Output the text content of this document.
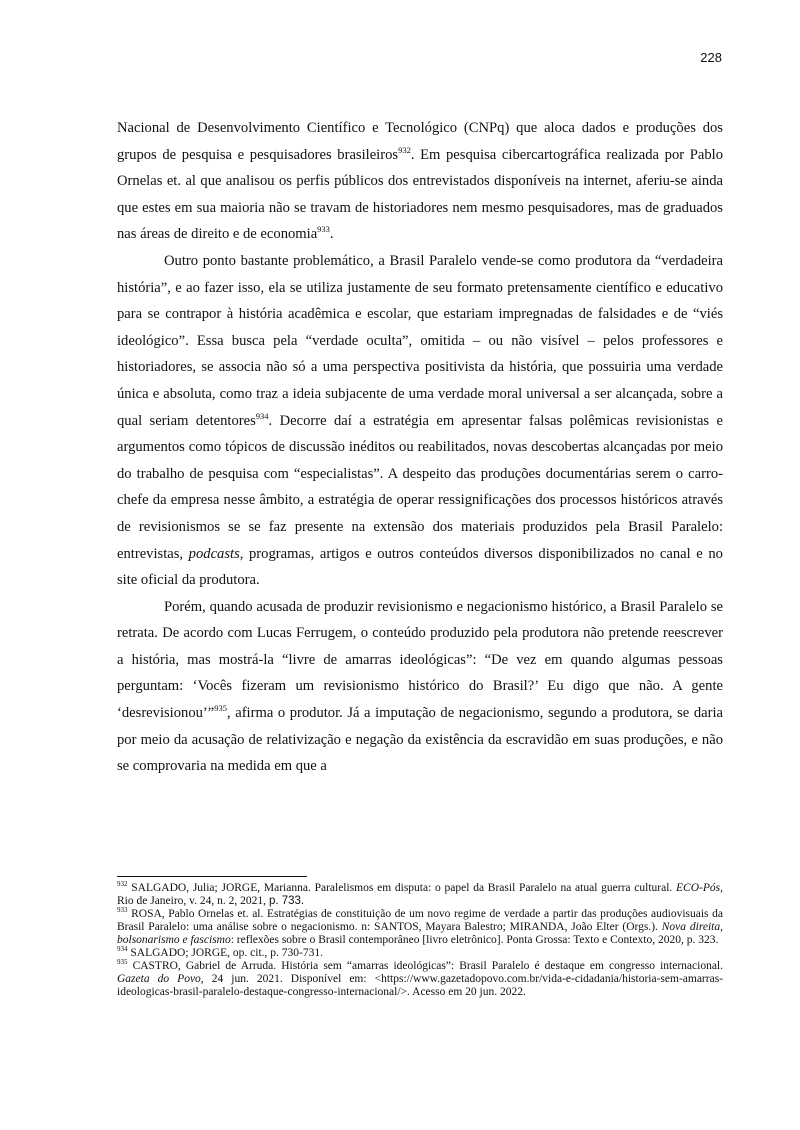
228

Nacional de Desenvolvimento Científico e Tecnológico (CNPq) que aloca dados e produções dos grupos de pesquisa e pesquisadores brasileiros$^{932}$. Em pesquisa cibercartográfica realizada por Pablo Ornelas et. al que analisou os perfis públicos dos entrevistados disponíveis na internet, aferiu-se ainda que estes em sua maioria não se travam de historiadores nem mesmo pesquisadores, mas de graduados nas áreas de direito e de economia$^{933}$.

Outro ponto bastante problemático, a Brasil Paralelo vende-se como produtora da “verdadeira história”, e ao fazer isso, ela se utiliza justamente de seu formato pretensamente científico e educativo para se contrapor à história acadêmica e escolar, que estariam impregnadas de falsidades e de “viés ideológico”. Essa busca pela “verdade oculta”, omitida – ou não visível – pelos professores e historiadores, se associa não só a uma perspectiva positivista da história, que possuiria uma verdade única e absoluta, como traz a ideia subjacente de uma verdade moral universal a ser alcançada, sobre a qual seriam detentores$^{934}$. Decorre daí a estratégia em apresentar falsas polêmicas revisionistas e argumentos como tópicos de discussão inéditos ou reabilitados, novas descobertas alcançadas por meio do trabalho de pesquisa com “especialistas”. A despeito das produções documentárias serem o carro-chefe da empresa nesse âmbito, a estratégia de operar ressignificações dos processos históricos através de revisionismos se se faz presente na extensão dos materiais produzidos pela Brasil Paralelo: entrevistas, podcasts, programas, artigos e outros conteúdos diversos disponibilizados no canal e no site oficial da produtora.

Porém, quando acusada de produzir revisionismo e negacionismo histórico, a Brasil Paralelo se retrata. De acordo com Lucas Ferrugem, o conteúdo produzido pela produtora não pretende reescrever a história, mas mostrá-la “livre de amarras ideológicas”: “De vez em quando algumas pessoas perguntam: ‘Vocês fizeram um revisionismo histórico do Brasil?’ Eu digo que não. A gente ‘desrevisionou’”$^{935}$, afirma o produtor. Já a imputação de negacionismo, segundo a produtora, se daria por meio da acusação de relativização e negação da existência da escravidão em suas produções, e não se comprovaria na medida em que a

$^{932}$ SALGADO, Julia; JORGE, Marianna. Paralelismos em disputa: o papel da Brasil Paralelo na atual guerra cultural. ECO-Pós, Rio de Janeiro, v. 24, n. 2, 2021, p. 733.

$^{933}$ ROSA, Pablo Ornelas et. al. Estratégias de constituição de um novo regime de verdade a partir das produções audiovisuais da Brasil Paralelo: uma análise sobre o negacionismo. n: SANTOS, Mayara Balestro; MIRANDA, João Elter (Orgs.). Nova direita, bolsonarismo e fascismo: reflexões sobre o Brasil contemporâneo [livro eletrônico]. Ponta Grossa: Texto e Contexto, 2020, p. 323.

$^{934}$ SALGADO; JORGE, op. cit., p. 730-731.

$^{935}$ CASTRO, Gabriel de Arruda. História sem “amarras ideológicas”: Brasil Paralelo é destaque em congresso internacional. Gazeta do Povo, 24 jun. 2021. Disponível em: <https://www.gazetadopovo.com.br/vida-e-cidadania/historia-sem-amarras-ideologicas-brasil-paralelo-destaque-congresso-internacional/>. Acesso em 20 jun. 2022.
